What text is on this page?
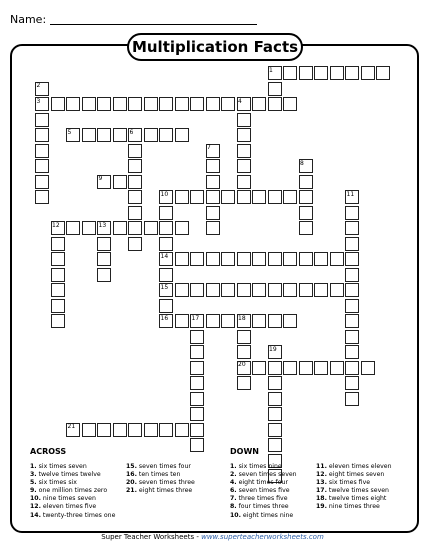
Name:
Multiplication Facts
1
2
3	4
5	6
7
8
9
10	11
12	13
14
15
16	17	18
19
20
21
ACROSS
1. six times seven
3. twelve times twelve
5. six times six
9. one million times zero
10. nine times seven
12. eleven times five
14. twenty-three times one
15. seven times four
16. ten times ten
20. seven times three
21. eight times three
DOWN
1. six times nine
2. seven times seven
4. eight times four
6. seven times five
7. three times five
8. four times three
10. eight times nine
11. eleven times eleven
12. eight times seven
13. six times five
17. twelve times seven
18. twelve times eight
19. nine times three
Super Teacher Worksheets - www.superteacherworksheets.com
